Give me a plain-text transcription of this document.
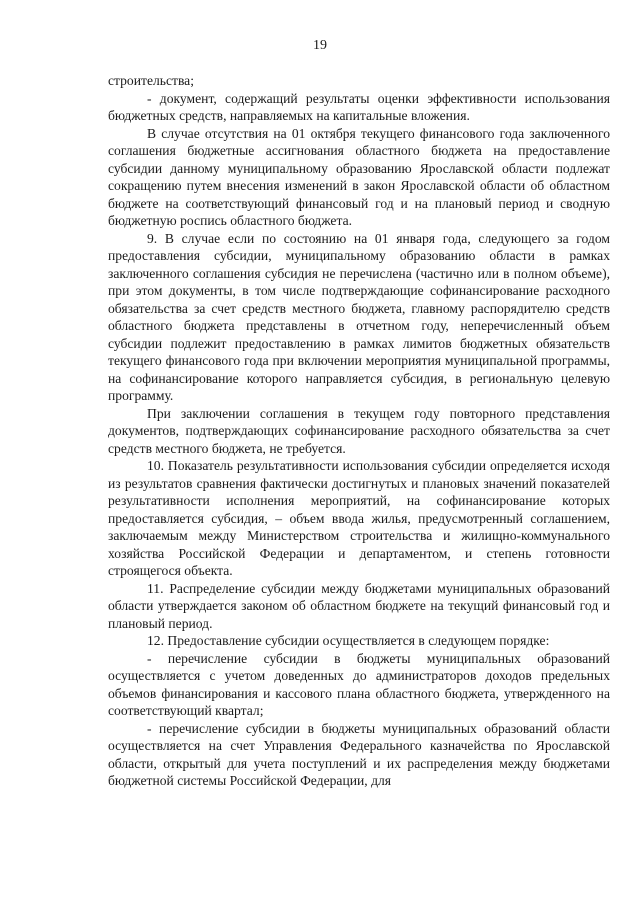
19

строительства;

- документ, содержащий результаты оценки эффективности использования бюджетных средств, направляемых на капитальные вложения.

В случае отсутствия на 01 октября текущего финансового года заключенного соглашения бюджетные ассигнования областного бюджета на предоставление субсидии данному муниципальному образованию Ярославской области подлежат сокращению путем внесения изменений в закон Ярославской области об областном бюджете на соответствующий финансовый год и на плановый период и сводную бюджетную роспись областного бюджета.

9. В случае если по состоянию на 01 января года, следующего за годом предоставления субсидии, муниципальному образованию области в рамках заключенного соглашения субсидия не перечислена (частично или в полном объеме), при этом документы, в том числе подтверждающие софинансирование расходного обязательства за счет средств местного бюджета, главному распорядителю средств областного бюджета представлены в отчетном году, неперечисленный объем субсидии подлежит предоставлению в рамках лимитов бюджетных обязательств текущего финансового года при включении мероприятия муниципальной программы, на софинансирование которого направляется субсидия, в региональную целевую программу.

При заключении соглашения в текущем году повторного представления документов, подтверждающих софинансирование расходного обязательства за счет средств местного бюджета, не требуется.

10. Показатель результативности использования субсидии определяется исходя из результатов сравнения фактически достигнутых и плановых значений показателей результативности исполнения мероприятий, на софинансирование которых предоставляется субсидия, – объем ввода жилья, предусмотренный соглашением, заключаемым между Министерством строительства и жилищно-коммунального хозяйства Российской Федерации и департаментом, и степень готовности строящегося объекта.

11. Распределение субсидии между бюджетами муниципальных образований области утверждается законом об областном бюджете на текущий финансовый год и плановый период.

12. Предоставление субсидии осуществляется в следующем порядке:

- перечисление субсидии в бюджеты муниципальных образований осуществляется с учетом доведенных до администраторов доходов предельных объемов финансирования и кассового плана областного бюджета, утвержденного на соответствующий квартал;

- перечисление субсидии в бюджеты муниципальных образований области осуществляется на счет Управления Федерального казначейства по Ярославской области, открытый для учета поступлений и их распределения между бюджетами бюджетной системы Российской Федерации, для
